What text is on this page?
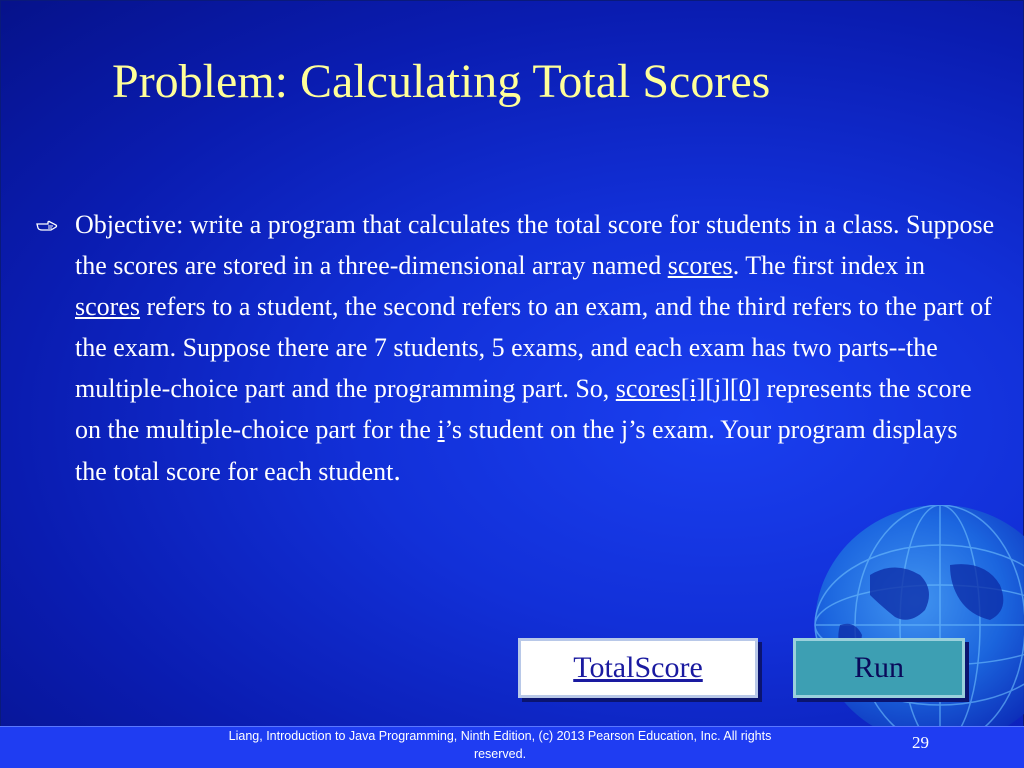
Problem: Calculating Total Scores
Objective: write a program that calculates the total score for students in a class. Suppose the scores are stored in a three-dimensional array named scores. The first index in scores refers to a student, the second refers to an exam, and the third refers to the part of the exam. Suppose there are 7 students, 5 exams, and each exam has two parts--the multiple-choice part and the programming part. So, scores[i][j][0] represents the score on the multiple-choice part for the i’s student on the j’s exam. Your program displays the total score for each student.
TotalScore	Run
Liang, Introduction to Java Programming, Ninth Edition, (c) 2013 Pearson Education, Inc. All rights reserved.
29
